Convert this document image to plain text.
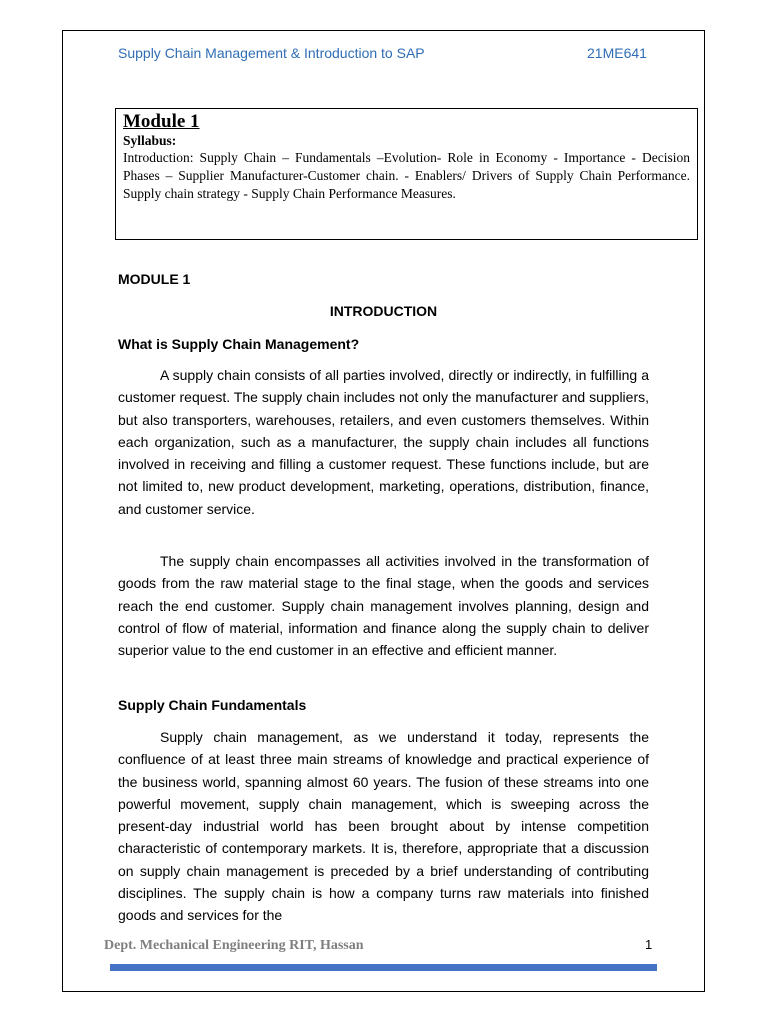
Supply Chain Management & Introduction to SAP	21ME641
Module 1
Syllabus:
Introduction: Supply Chain – Fundamentals –Evolution- Role in Economy - Importance - Decision Phases – Supplier Manufacturer-Customer chain. - Enablers/ Drivers of Supply Chain Performance. Supply chain strategy - Supply Chain Performance Measures.
MODULE 1
INTRODUCTION
What is Supply Chain Management?
A supply chain consists of all parties involved, directly or indirectly, in fulfilling a customer request. The supply chain includes not only the manufacturer and suppliers, but also transporters, warehouses, retailers, and even customers themselves. Within each organization, such as a manufacturer, the supply chain includes all functions involved in receiving and filling a customer request. These functions include, but are not limited to, new product development, marketing, operations, distribution, finance, and customer service.
The supply chain encompasses all activities involved in the transformation of goods from the raw material stage to the final stage, when the goods and services reach the end customer. Supply chain management involves planning, design and control of flow of material, information and finance along the supply chain to deliver superior value to the end customer in an effective and efficient manner.
Supply Chain Fundamentals
Supply chain management, as we understand it today, represents the confluence of at least three main streams of knowledge and practical experience of the business world, spanning almost 60 years. The fusion of these streams into one powerful movement, supply chain management, which is sweeping across the present-day industrial world has been brought about by intense competition characteristic of contemporary markets. It is, therefore, appropriate that a discussion on supply chain management is preceded by a brief understanding of contributing disciplines. The supply chain is how a company turns raw materials into finished goods and services for the
Dept. Mechanical Engineering RIT, Hassan	1
